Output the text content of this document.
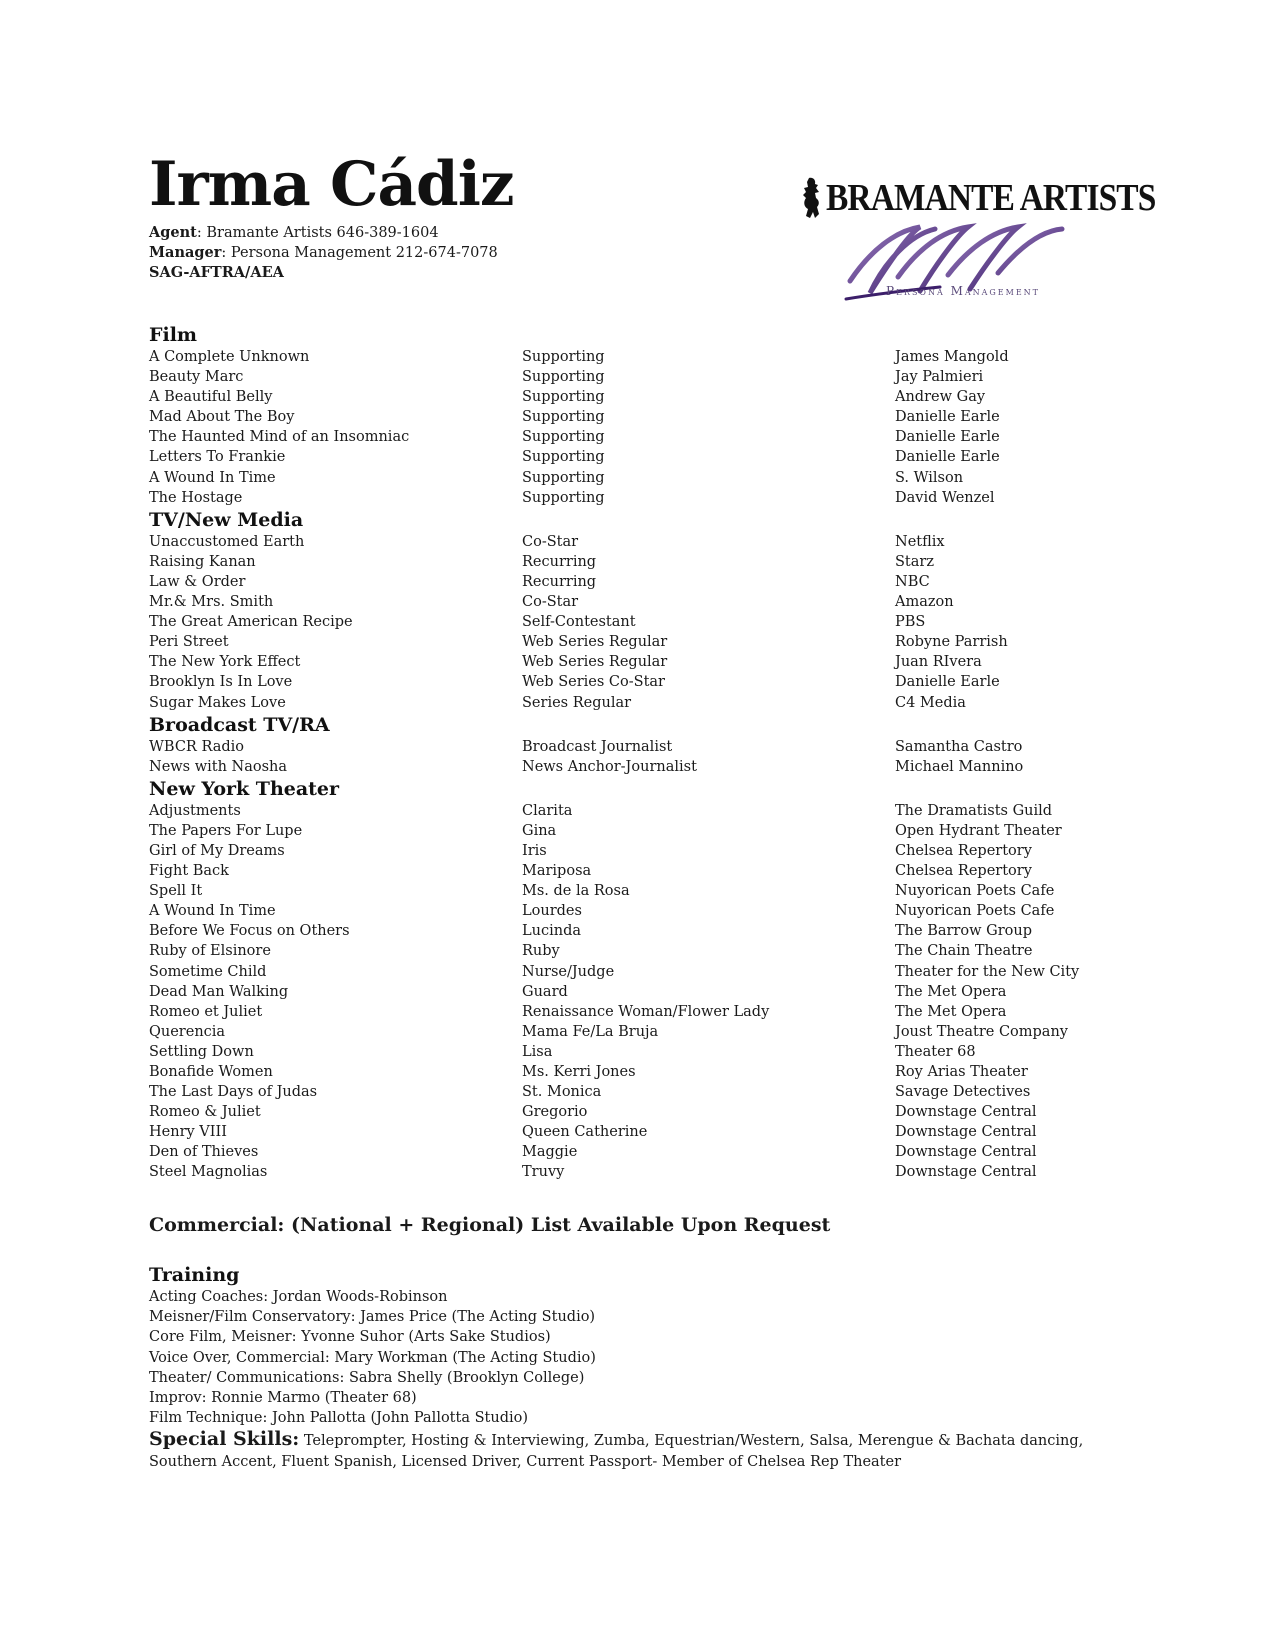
Irma Cádiz
Agent: Bramante Artists 646-389-1604
Manager: Persona Management 212-674-7078
SAG-AFTRA/AEA
BRAMANTE ARTISTS
Persona Management
Film
A Complete Unknown	Supporting	James Mangold
Beauty Marc	Supporting	Jay Palmieri
A Beautiful Belly	Supporting	Andrew Gay
Mad About The Boy	Supporting	Danielle Earle
The Haunted Mind of an Insomniac	Supporting	Danielle Earle
Letters To Frankie	Supporting	Danielle Earle
A Wound In Time	Supporting	S. Wilson
The Hostage	Supporting	David Wenzel
TV/New Media
Unaccustomed Earth	Co-Star	Netflix
Raising Kanan	Recurring	Starz
Law & Order	Recurring	NBC
Mr.& Mrs. Smith	Co-Star	Amazon
The Great American Recipe	Self-Contestant	PBS
Peri Street	Web Series Regular	Robyne Parrish
The New York Effect	Web Series Regular	Juan RIvera
Brooklyn Is In Love	Web Series Co-Star	Danielle Earle
Sugar Makes Love	Series Regular	C4 Media
Broadcast TV/RA
WBCR Radio	Broadcast Journalist	Samantha Castro
News with Naosha	News Anchor-Journalist	Michael Mannino
New York Theater
Adjustments	Clarita	The Dramatists Guild
The Papers For Lupe	Gina	Open Hydrant Theater
Girl of My Dreams	Iris	Chelsea Repertory
Fight Back	Mariposa	Chelsea Repertory
Spell It	Ms. de la Rosa	Nuyorican Poets Cafe
A Wound In Time	Lourdes	Nuyorican Poets Cafe
Before We Focus on Others	Lucinda	The Barrow Group
Ruby of Elsinore	Ruby	The Chain Theatre
Sometime Child	Nurse/Judge	Theater for the New City
Dead Man Walking	Guard	The Met Opera
Romeo et Juliet	Renaissance Woman/Flower Lady	The Met Opera
Querencia	Mama Fe/La Bruja	Joust Theatre Company
Settling Down	Lisa	Theater 68
Bonafide Women	Ms. Kerri Jones	Roy Arias Theater
The Last Days of Judas	St. Monica	Savage Detectives
Romeo & Juliet	Gregorio	Downstage Central
Henry VIII	Queen Catherine	Downstage Central
Den of Thieves	Maggie	Downstage Central
Steel Magnolias	Truvy	Downstage Central
Commercial: (National + Regional) List Available Upon Request
Training
Acting Coaches: Jordan Woods-Robinson
Meisner/Film Conservatory: James Price (The Acting Studio)
Core Film, Meisner: Yvonne Suhor (Arts Sake Studios)
Voice Over, Commercial: Mary Workman (The Acting Studio)
Theater/ Communications: Sabra Shelly (Brooklyn College)
Improv: Ronnie Marmo (Theater 68)
Film Technique: John Pallotta (John Pallotta Studio)
Special Skills: Teleprompter, Hosting & Interviewing, Zumba, Equestrian/Western, Salsa, Merengue & Bachata dancing, Southern Accent, Fluent Spanish, Licensed Driver, Current Passport- Member of Chelsea Rep Theater
